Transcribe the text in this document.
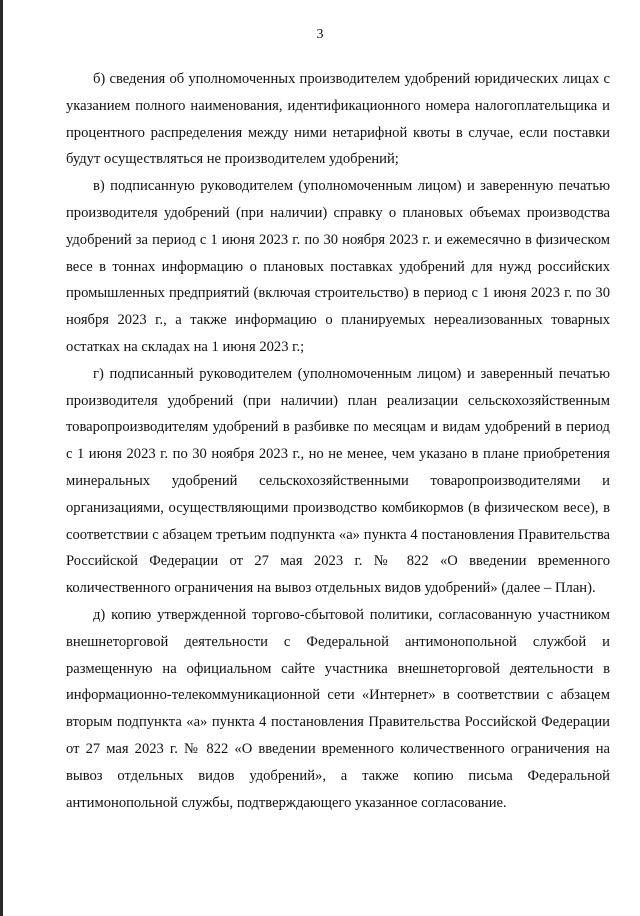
3

б) сведения об уполномоченных производителем удобрений юридических лицах с указанием полного наименования, идентификационного номера налогоплательщика и процентного распределения между ними нетарифной квоты в случае, если поставки будут осуществляться не производителем удобрений;

в) подписанную руководителем (уполномоченным лицом) и заверенную печатью производителя удобрений (при наличии) справку о плановых объемах производства удобрений за период с 1 июня 2023 г. по 30 ноября 2023 г. и ежемесячно в физическом весе в тоннах информацию о плановых поставках удобрений для нужд российских промышленных предприятий (включая строительство) в период с 1 июня 2023 г. по 30 ноября 2023 г., а также информацию о планируемых нереализованных товарных остатках на складах на 1 июня 2023 г.;

г) подписанный руководителем (уполномоченным лицом) и заверенный печатью производителя удобрений (при наличии) план реализации сельскохозяйственным товаропроизводителям удобрений в разбивке по месяцам и видам удобрений в период с 1 июня 2023 г. по 30 ноября 2023 г., но не менее, чем указано в плане приобретения минеральных удобрений сельскохозяйственными товаропроизводителями и организациями, осуществляющими производство комбикормов (в физическом весе), в соответствии с абзацем третьим подпункта «а» пункта 4 постановления Правительства Российской Федерации от 27 мая 2023 г. № 822 «О введении временного количественного ограничения на вывоз отдельных видов удобрений» (далее – План).

д) копию утвержденной торгово-сбытовой политики, согласованную участником внешнеторговой деятельности с Федеральной антимонопольной службой и размещенную на официальном сайте участника внешнеторговой деятельности в информационно-телекоммуникационной сети «Интернет» в соответствии с абзацем вторым подпункта «а» пункта 4 постановления Правительства Российской Федерации от 27 мая 2023 г. № 822 «О введении временного количественного ограничения на вывоз отдельных видов удобрений», а также копию письма Федеральной антимонопольной службы, подтверждающего указанное согласование.
